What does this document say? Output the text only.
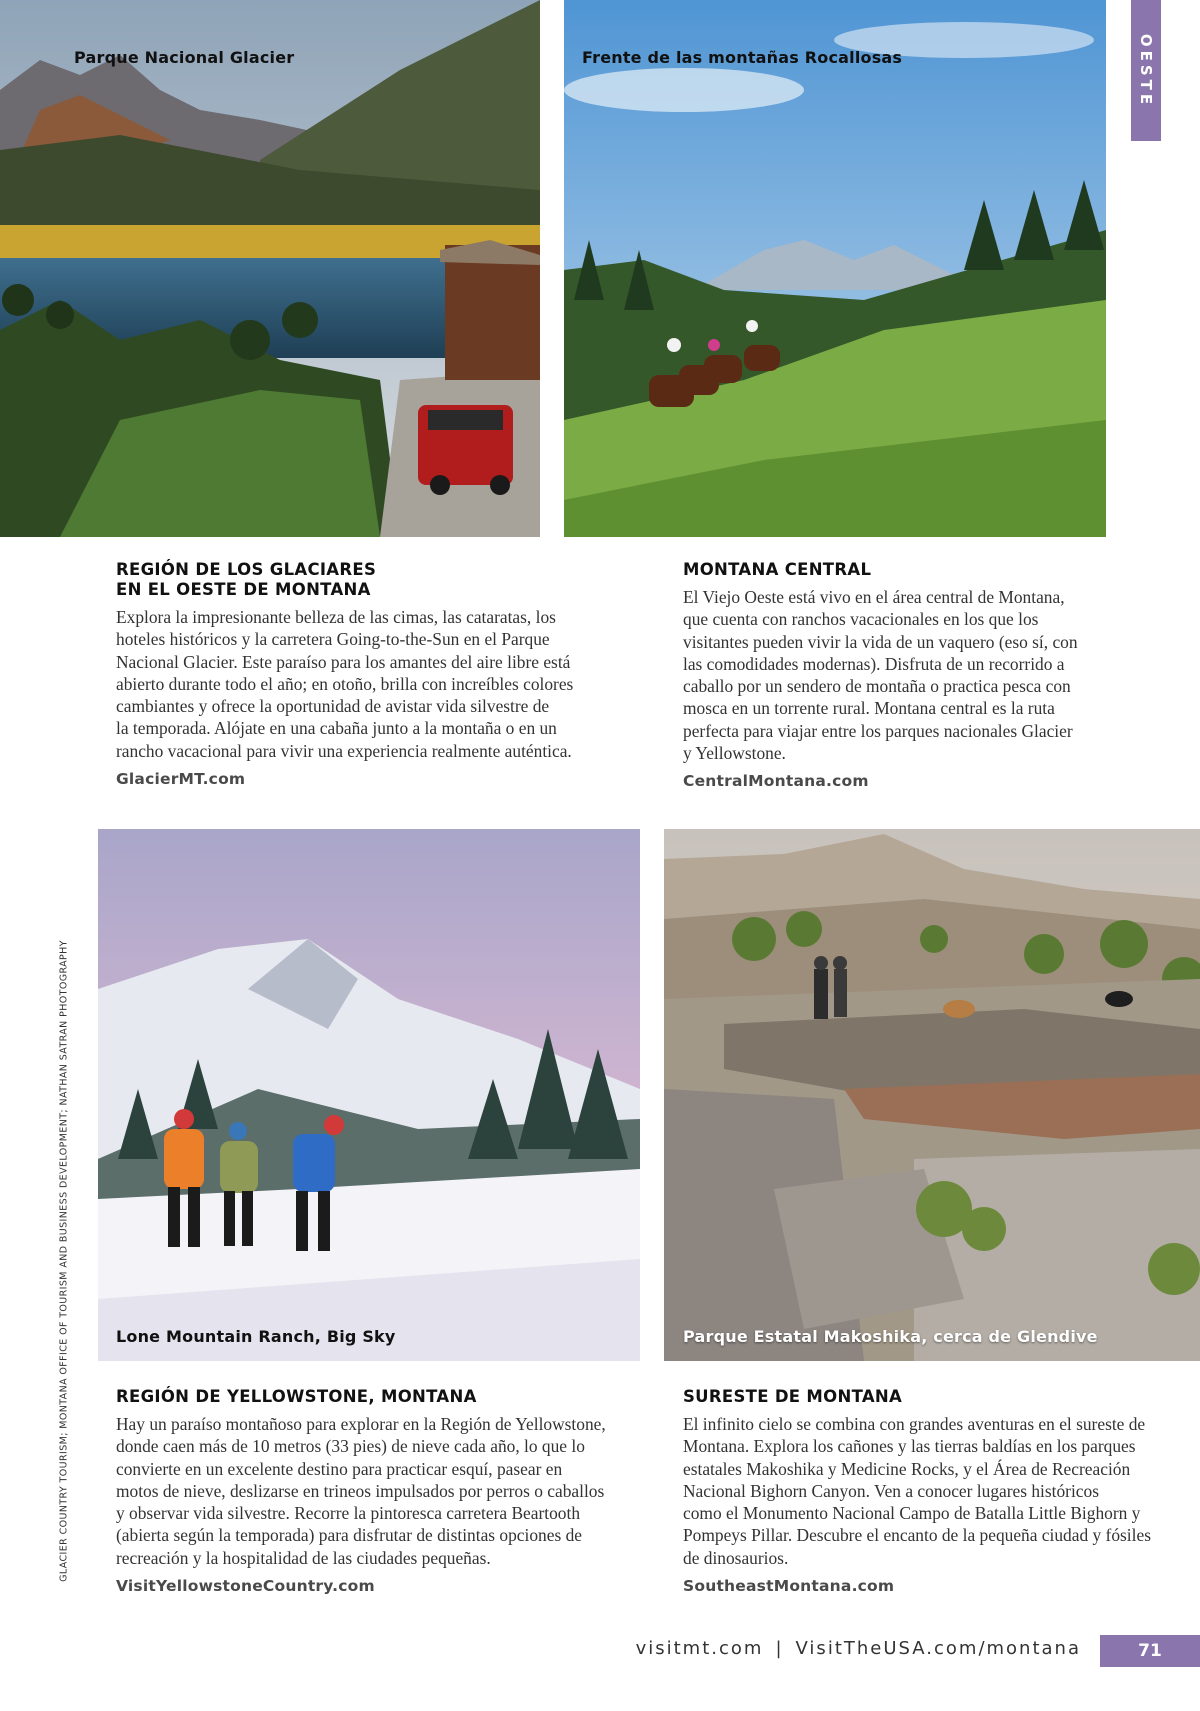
OESTE
Parque Nacional Glacier	Frente de las montañas Rocallosas
REGIÓN DE LOS GLACIARES
EN EL OESTE DE MONTANA

Explora la impresionante belleza de las cimas, las cataratas, los
hoteles históricos y la carretera Going-to-the-Sun en el Parque
Nacional Glacier. Este paraíso para los amantes del aire libre está
abierto durante todo el año; en otoño, brilla con increíbles colores
cambiantes y ofrece la oportunidad de avistar vida silvestre de
la temporada. Alójate en una cabaña junto a la montaña o en un
rancho vacacional para vivir una experiencia realmente auténtica.

GlacierMT.com
MONTANA CENTRAL

El Viejo Oeste está vivo en el área central de Montana,
que cuenta con ranchos vacacionales en los que los
visitantes pueden vivir la vida de un vaquero (eso sí, con
las comodidades modernas). Disfruta de un recorrido a
caballo por un sendero de montaña o practica pesca con
mosca en un torrente rural. Montana central es la ruta
perfecta para viajar entre los parques nacionales Glacier
y Yellowstone.

CentralMontana.com
Lone Mountain Ranch, Big Sky	Parque Estatal Makoshika, cerca de Glendive
REGIÓN DE YELLOWSTONE, MONTANA

Hay un paraíso montañoso para explorar en la Región de Yellowstone,
donde caen más de 10 metros (33 pies) de nieve cada año, lo que lo
convierte en un excelente destino para practicar esquí, pasear en
motos de nieve, deslizarse en trineos impulsados por perros o caballos
y observar vida silvestre. Recorre la pintoresca carretera Beartooth
(abierta según la temporada) para disfrutar de distintas opciones de
recreación y la hospitalidad de las ciudades pequeñas.

VisitYellowstoneCountry.com
SURESTE DE MONTANA

El infinito cielo se combina con grandes aventuras en el sureste de
Montana. Explora los cañones y las tierras baldías en los parques
estatales Makoshika y Medicine Rocks, y el Área de Recreación
Nacional Bighorn Canyon. Ven a conocer lugares históricos
como el Monumento Nacional Campo de Batalla Little Bighorn y
Pompeys Pillar. Descubre el encanto de la pequeña ciudad y fósiles
de dinosaurios.

SoutheastMontana.com
GLACIER COUNTRY TOURISM; MONTANA OFFICE OF TOURISM AND BUSINESS DEVELOPMENT; NATHAN SATRAN PHOTOGRAPHY
visitmt.com | VisitTheUSA.com/montana	71
